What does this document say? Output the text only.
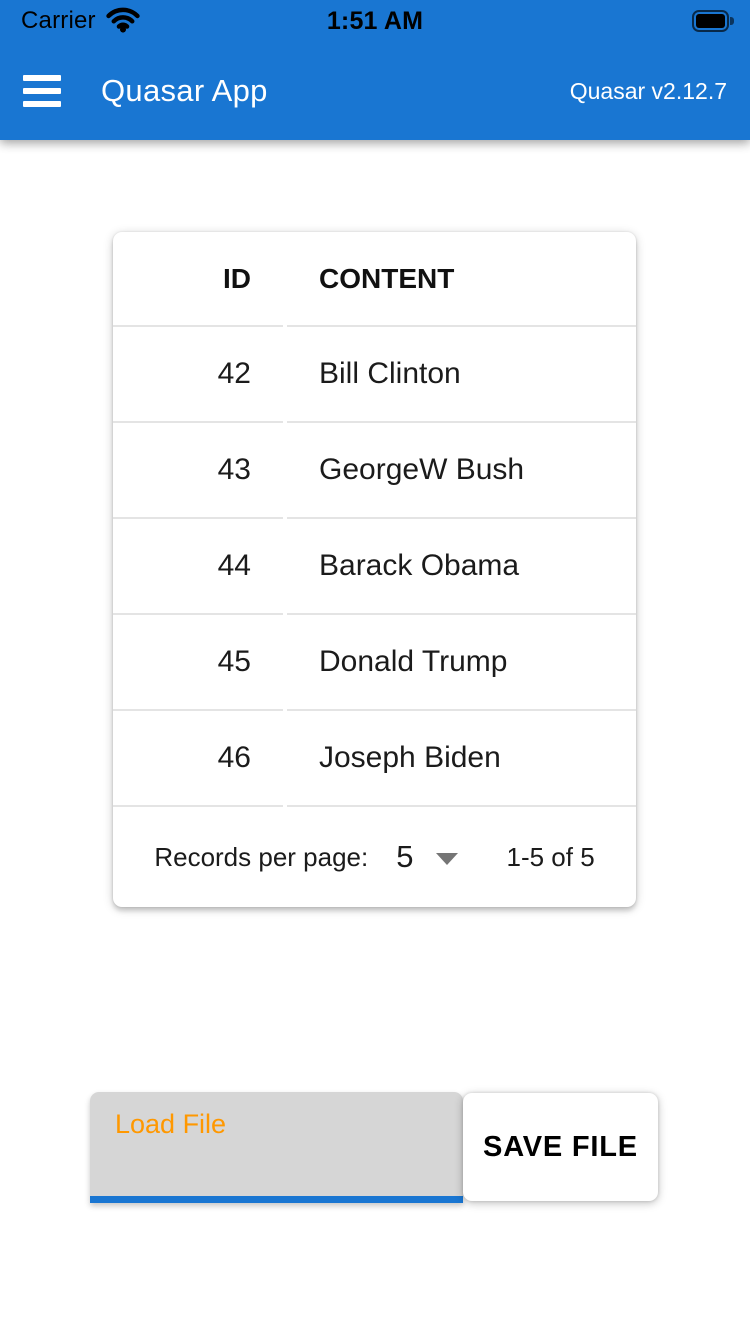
Carrier	1:51 AM
Quasar App	Quasar v2.12.7
ID	CONTENT
42	Bill Clinton
43	GeorgeW Bush
44	Barack Obama
45	Donald Trump
46	Joseph Biden
Records per page: 5	1-5 of 5
Load File
SAVE FILE
